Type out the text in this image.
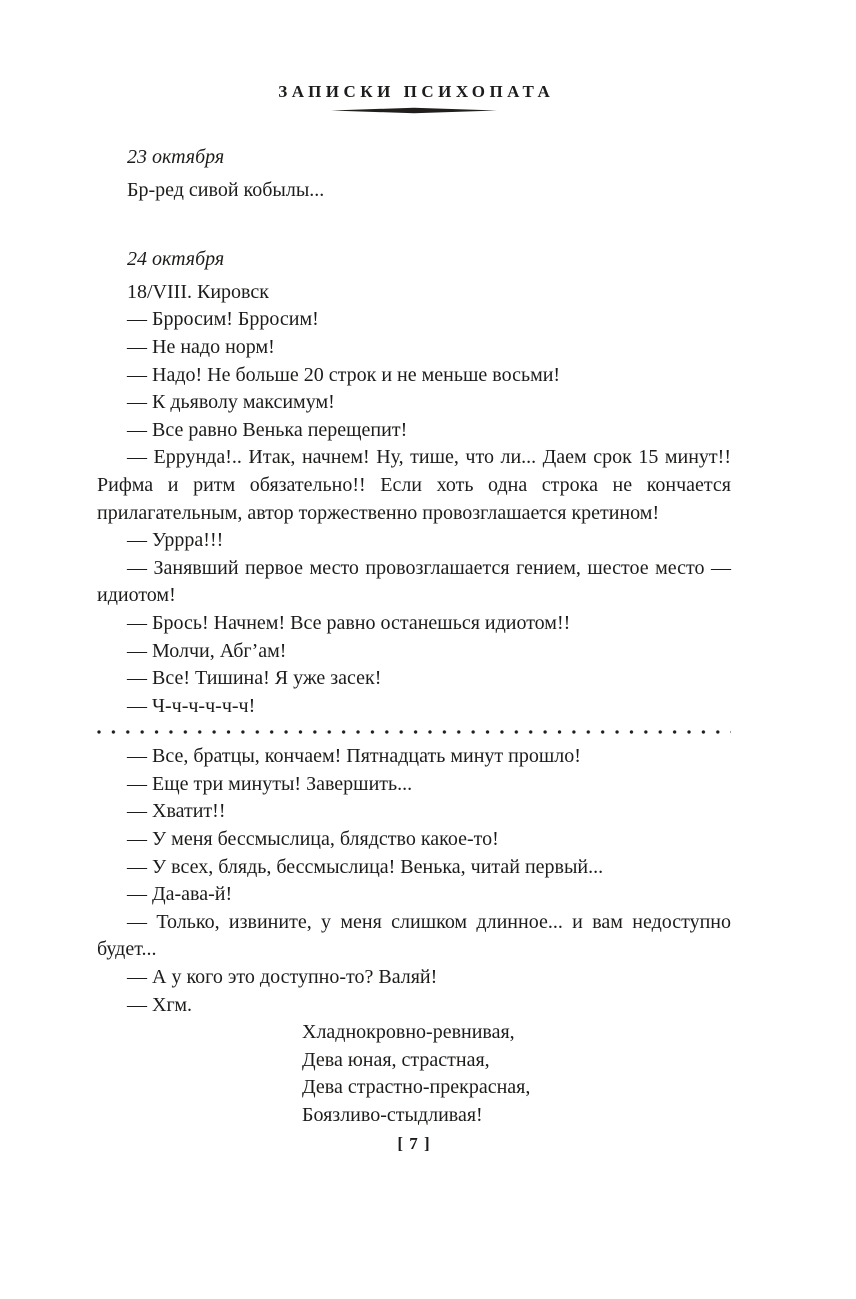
ЗАПИСКИ ПСИХОПАТА

23 октября

Бр-ред сивой кобылы...

24 октября

18/VIII. Кировск

— Брросим! Брросим!

— Не надо норм!

— Надо! Не больше 20 строк и не меньше восьми!

— К дьяволу максимум!

— Все равно Венька перещепит!

— Еррунда!.. Итак, начнем! Ну, тише, что ли... Даем срок 15 минут!! Рифма и ритм обязательно!! Если хоть одна строка не кончается прилагательным, автор торжественно провозглашается кретином!

— Уррра!!!

— Занявший первое место провозглашается гением, шестое место — идиотом!

— Брось! Начнем! Все равно останешься идиотом!!

— Молчи, Абг’ам!

— Все! Тишина! Я уже засек!

— Ч-ч-ч-ч-ч-ч!

— Все, братцы, кончаем! Пятнадцать минут прошло!

— Еще три минуты! Завершить...

— Хватит!!

— У меня бессмыслица, блядство какое-то!

— У всех, блядь, бессмыслица! Венька, читай первый...

— Да-ава-й!

— Только, извините, у меня слишком длинное... и вам недоступно будет...

— А у кого это доступно-то? Валяй!

— Хгм.

Хладнокровно-ревнивая,

Дева юная, страстная,

Дева страстно-прекрасная,

Боязливо-стыдливая!

[ 7 ]
